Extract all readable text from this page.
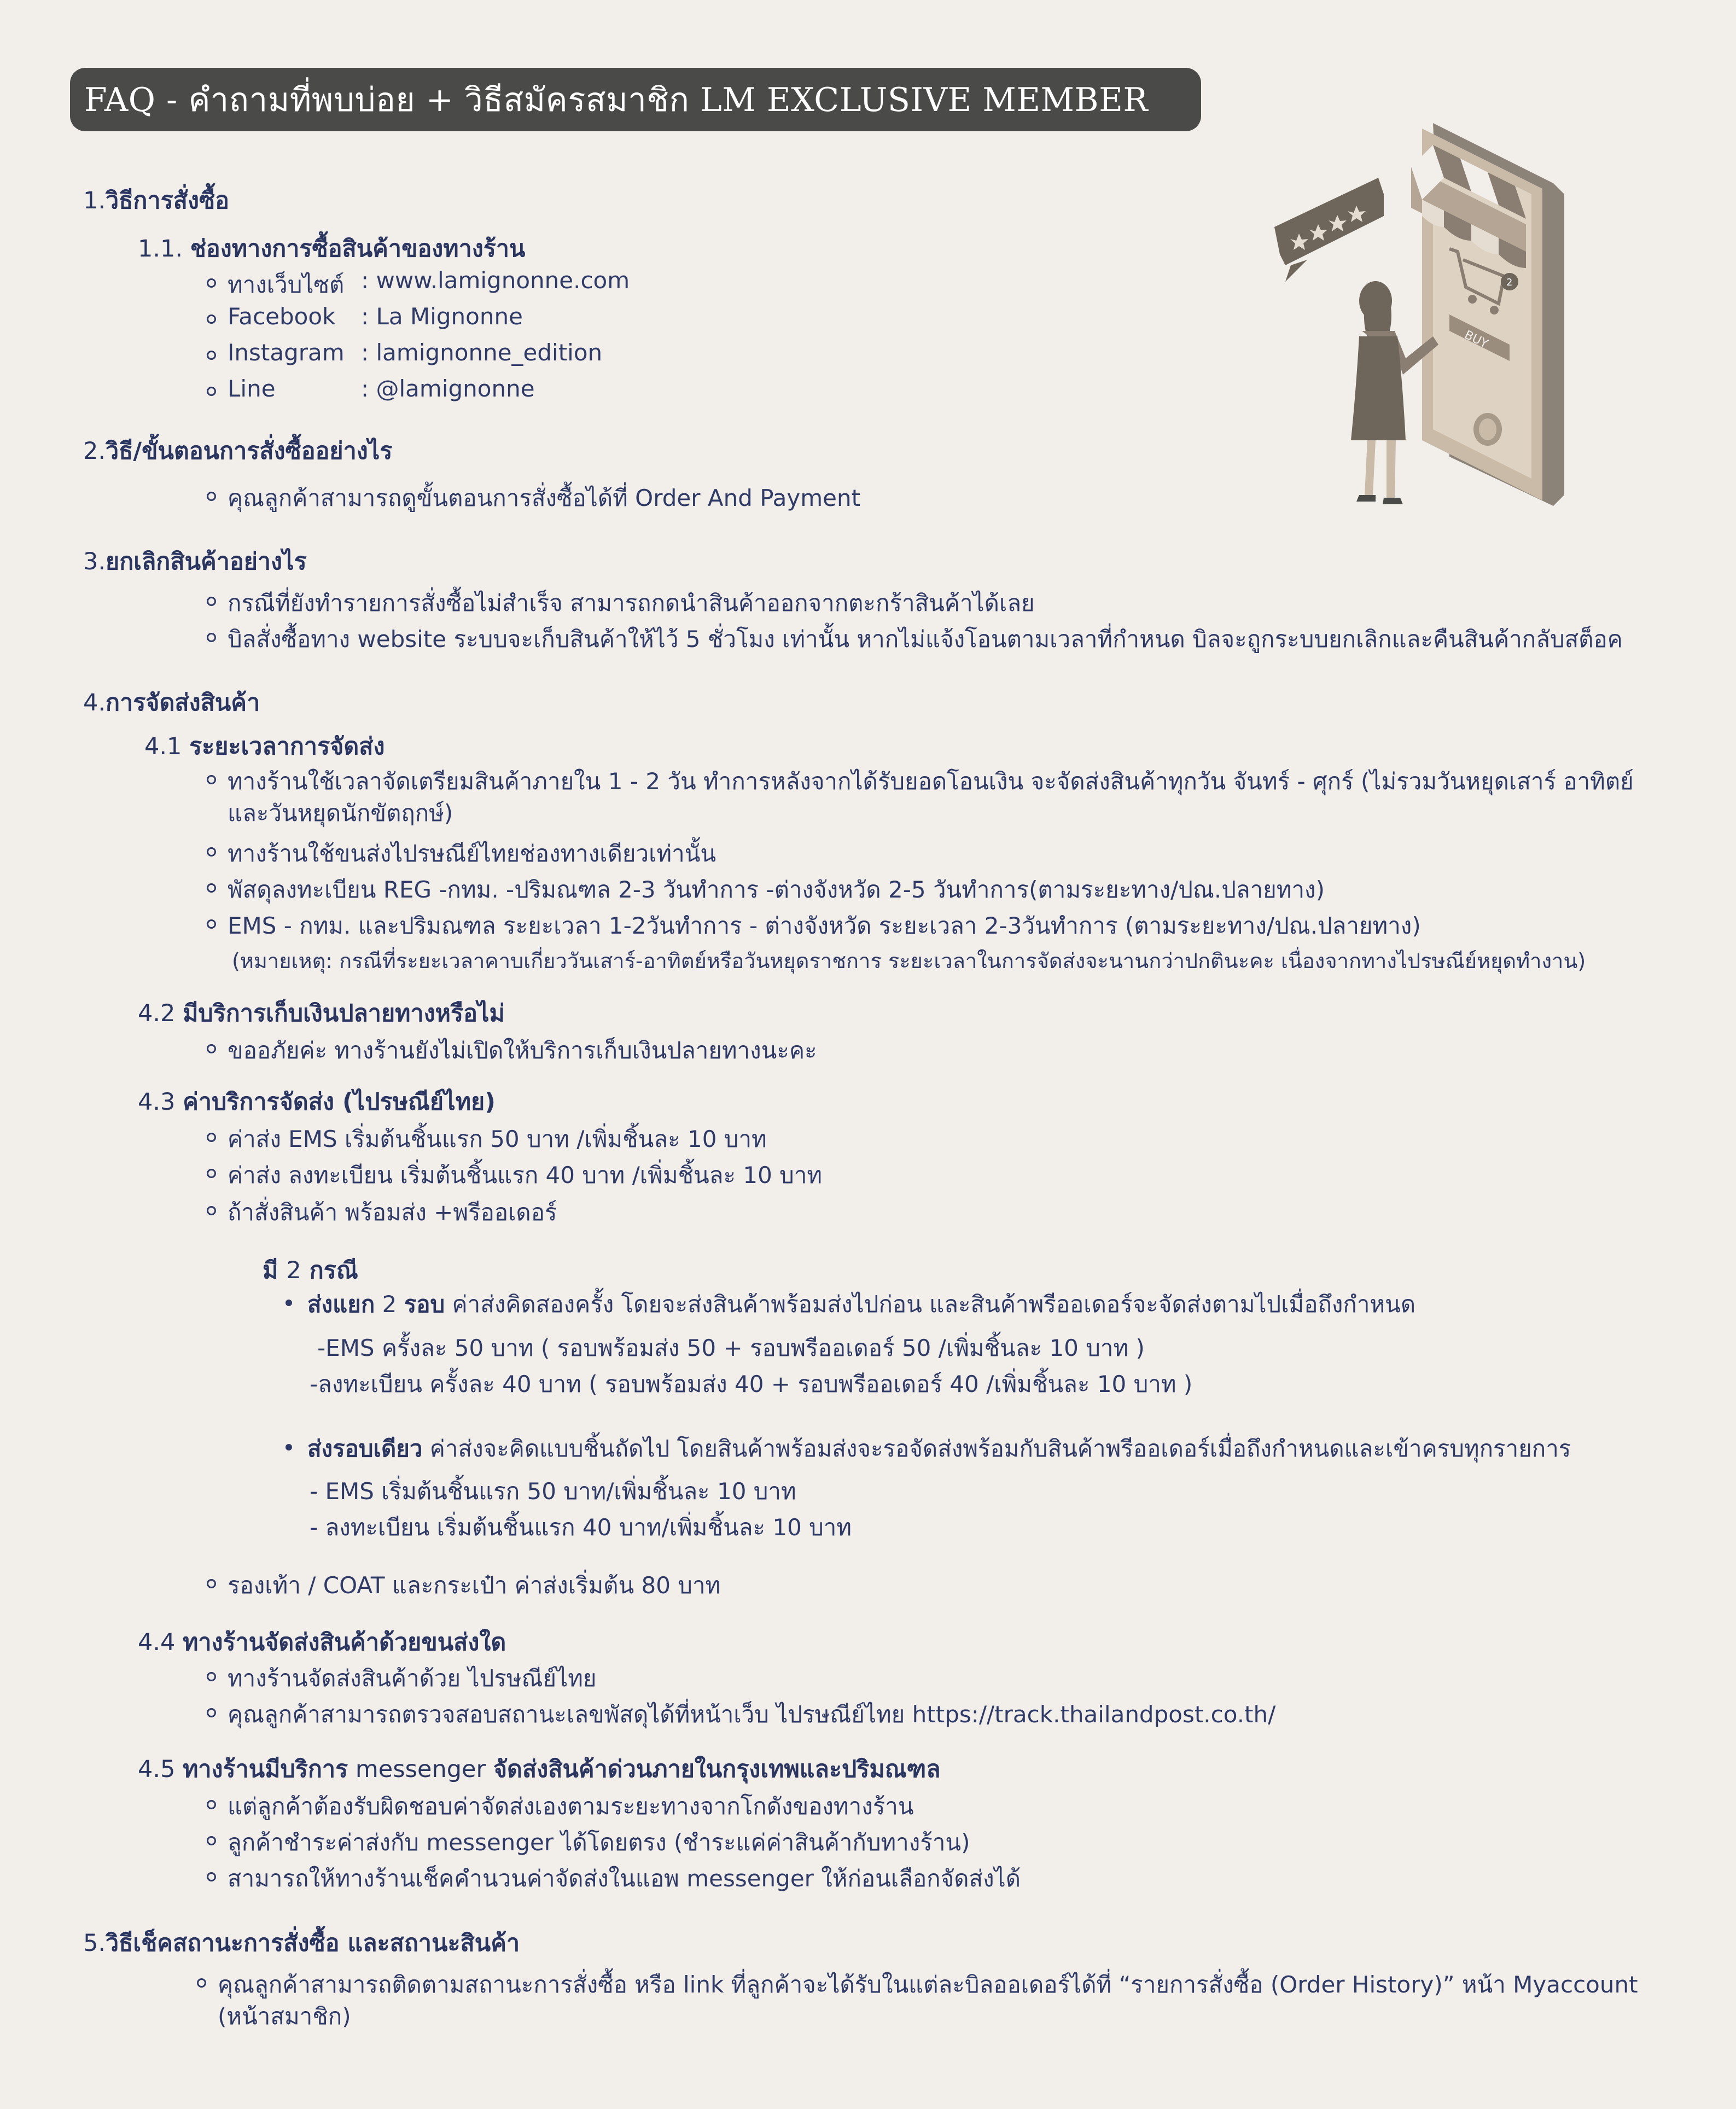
FAQ - คำถามที่พบบ่อย + วิธีสมัครสมาชิก LM EXCLUSIVE MEMBER
2
BUY
1.วิธีการสั่งซื้อ
1.1. ช่องทางการซื้อสินค้าของทางร้าน
ทางเว็บไซต์ : www.lamignonne.com
Facebook : La Mignonne
Instagram : lamignonne_edition
Line	: @lamignonne
2.วิธี/ขั้นตอนการสั่งซื้ออย่างไร
คุณลูกค้าสามารถดูขั้นตอนการสั่งซื้อได้ที่ Order And Payment
3.ยกเลิกสินค้าอย่างไร
กรณีที่ยังทำรายการสั่งซื้อไม่สำเร็จ สามารถกดนำสินค้าออกจากตะกร้าสินค้าได้เลย
บิลสั่งซื้อทาง website ระบบจะเก็บสินค้าให้ไว้ 5 ชั่วโมง เท่านั้น หากไม่แจ้งโอนตามเวลาที่กำหนด บิลจะถูกระบบยกเลิกและคืนสินค้ากลับสต็อค
4.การจัดส่งสินค้า
4.1 ระยะเวลาการจัดส่ง
ทางร้านใช้เวลาจัดเตรียมสินค้าภายใน 1 - 2 วัน ทำการหลังจากได้รับยอดโอนเงิน จะจัดส่งสินค้าทุกวัน จันทร์ - ศุกร์ (ไม่รวมวันหยุดเสาร์ อาทิตย์
และวันหยุดนักขัตฤกษ์)
ทางร้านใช้ขนส่งไปรษณีย์ไทยช่องทางเดียวเท่านั้น
พัสดุลงทะเบียน REG -กทม. -ปริมณฑล 2-3 วันทำการ -ต่างจังหวัด 2-5 วันทำการ(ตามระยะทาง/ปณ.ปลายทาง)
EMS - กทม. และปริมณฑล ระยะเวลา 1-2วันทำการ - ต่างจังหวัด ระยะเวลา 2-3วันทำการ (ตามระยะทาง/ปณ.ปลายทาง)
(หมายเหตุ: กรณีที่ระยะเวลาคาบเกี่ยววันเสาร์-อาทิตย์หรือวันหยุดราชการ ระยะเวลาในการจัดส่งจะนานกว่าปกตินะคะ เนื่องจากทางไปรษณีย์หยุดทำงาน)
4.2 มีบริการเก็บเงินปลายทางหรือไม่
ขออภัยค่ะ ทางร้านยังไม่เปิดให้บริการเก็บเงินปลายทางนะคะ
4.3 ค่าบริการจัดส่ง (ไปรษณีย์ไทย)
ค่าส่ง EMS เริ่มต้นชิ้นแรก 50 บาท /เพิ่มชิ้นละ 10 บาท
ค่าส่ง ลงทะเบียน เริ่มต้นชิ้นแรก 40 บาท /เพิ่มชิ้นละ 10 บาท
ถ้าสั่งสินค้า พร้อมส่ง +พรีออเดอร์
มี 2 กรณี
ส่งแยก 2 รอบ ค่าส่งคิดสองครั้ง โดยจะส่งสินค้าพร้อมส่งไปก่อน และสินค้าพรีออเดอร์จะจัดส่งตามไปเมื่อถึงกำหนด
-EMS ครั้งละ 50 บาท ( รอบพร้อมส่ง 50 + รอบพรีออเดอร์ 50 /เพิ่มชิ้นละ 10 บาท )
-ลงทะเบียน ครั้งละ 40 บาท ( รอบพร้อมส่ง 40 + รอบพรีออเดอร์ 40 /เพิ่มชิ้นละ 10 บาท )
ส่งรอบเดียว ค่าส่งจะคิดแบบชิ้นถัดไป โดยสินค้าพร้อมส่งจะรอจัดส่งพร้อมกับสินค้าพรีออเดอร์เมื่อถึงกำหนดและเข้าครบทุกรายการ
- EMS เริ่มต้นชิ้นแรก 50 บาท/เพิ่มชิ้นละ 10 บาท
- ลงทะเบียน เริ่มต้นชิ้นแรก 40 บาท/เพิ่มชิ้นละ 10 บาท
รองเท้า / COAT และกระเป๋า ค่าส่งเริ่มต้น 80 บาท
4.4 ทางร้านจัดส่งสินค้าด้วยขนส่งใด
ทางร้านจัดส่งสินค้าด้วย ไปรษณีย์ไทย
คุณลูกค้าสามารถตรวจสอบสถานะเลขพัสดุได้ที่หน้าเว็บ ไปรษณีย์ไทย https://track.thailandpost.co.th/
4.5 ทางร้านมีบริการ messenger จัดส่งสินค้าด่วนภายในกรุงเทพและปริมณฑล
แต่ลูกค้าต้องรับผิดชอบค่าจัดส่งเองตามระยะทางจากโกดังของทางร้าน
ลูกค้าชำระค่าส่งกับ messenger ได้โดยตรง (ชำระแค่ค่าสินค้ากับทางร้าน)
สามารถให้ทางร้านเช็คคำนวนค่าจัดส่งในแอพ messenger ให้ก่อนเลือกจัดส่งได้
5.วิธีเช็คสถานะการสั่งซื้อ และสถานะสินค้า
คุณลูกค้าสามารถติดตามสถานะการสั่งซื้อ หรือ link ที่ลูกค้าจะได้รับในแต่ละบิลออเดอร์ได้ที่ “รายการสั่งซื้อ (Order History)” หน้า Myaccount
(หน้าสมาชิก)
